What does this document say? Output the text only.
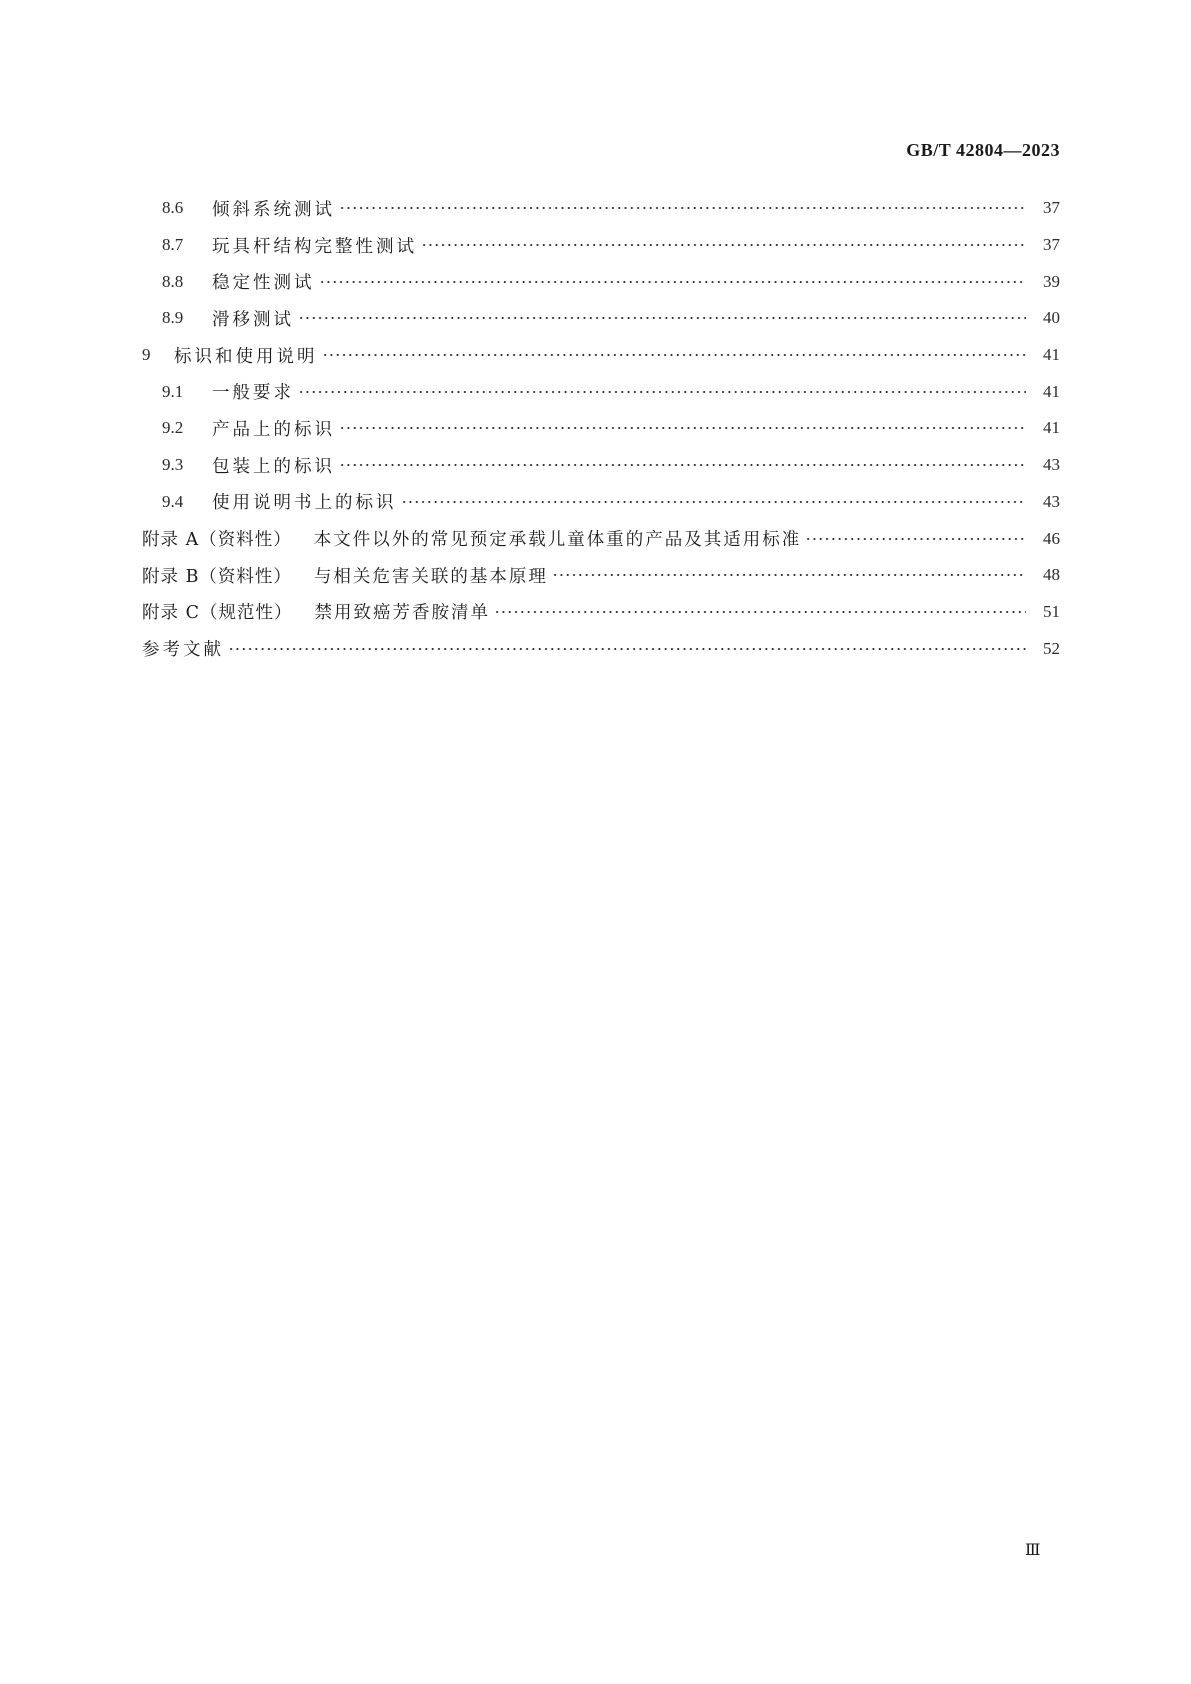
GB/T 42804—2023
8.6	倾斜系统测试	37
8.7	玩具杆结构完整性测试	37
8.8	稳定性测试	39
8.9	滑移测试	40
9	标识和使用说明	41
9.1	一般要求	41
9.2	产品上的标识	41
9.3	包装上的标识	43
9.4	使用说明书上的标识	43
附录 A（资料性） 本文件以外的常见预定承载儿童体重的产品及其适用标准	46
附录 B（资料性） 与相关危害关联的基本原理	48
附录 C（规范性） 禁用致癌芳香胺清单	51
参考文献	52
Ⅲ
